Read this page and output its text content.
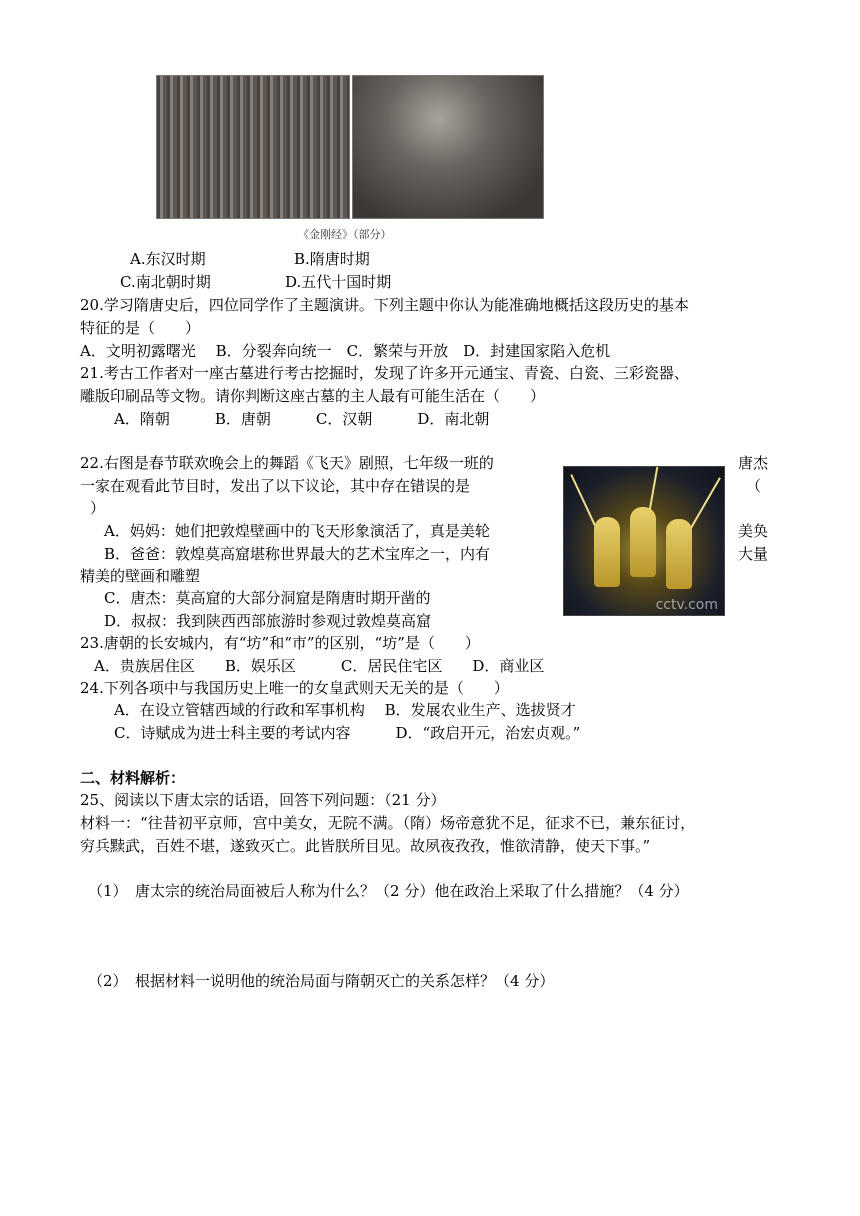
《金刚经》（部分）
A.东汉时期	B.隋唐时期
C.南北朝时期	D.五代十国时期
20.学习隋唐史后，四位同学作了主题演讲。下列主题中你认为能准确地概括这段历史的基本
特征的是（　　）
A．文明初露曙光　 B．分裂奔向统一　C．繁荣与开放　D．封建国家陷入危机
21.考古工作者对一座古墓进行考古挖掘时，发现了许多开元通宝、青瓷、白瓷、三彩瓷器、
雕版印刷品等文物。请你判断这座古墓的主人最有可能生活在（　　）
A．隋朝　　　B．唐朝　　　C．汉朝　　　D．南北朝
22.右图是春节联欢晚会上的舞蹈《飞天》剧照，七年级一班的	唐杰
一家在观看此节目时，发出了以下议论，其中存在错误的是	（
）
A．妈妈：她们把敦煌壁画中的飞天形象演活了，真是美轮	美奂
B．爸爸：敦煌莫高窟堪称世界最大的艺术宝库之一，内有	大量
精美的壁画和雕塑
C．唐杰：莫高窟的大部分洞窟是隋唐时期开凿的
D．叔叔：我到陕西西部旅游时参观过敦煌莫高窟
cctv.com
23.唐朝的长安城内，有“坊”和“市”的区别，“坊”是（　　）
A．贵族居住区　　B．娱乐区　　　C．居民住宅区　　D．商业区
24.下列各项中与我国历史上唯一的女皇武则天无关的是（　　）
A．在设立管辖西域的行政和军事机构　 B．发展农业生产、选拔贤才
C．诗赋成为进士科主要的考试内容　　　D．“政启开元，治宏贞观。”
二、材料解析：
25、阅读以下唐太宗的话语，回答下列问题：（21 分）
材料一：“往昔初平京师，宫中美女，无院不满。（隋）炀帝意犹不足，征求不已，兼东征讨，
穷兵黩武，百姓不堪，遂致灭亡。此皆朕所目见。故夙夜孜孜，惟欲清静，使天下事。”
（1）　唐太宗的统治局面被后人称为什么？（2 分）他在政治上采取了什么措施？（4 分）
（2）　根据材料一说明他的统治局面与隋朝灭亡的关系怎样？（4 分）
